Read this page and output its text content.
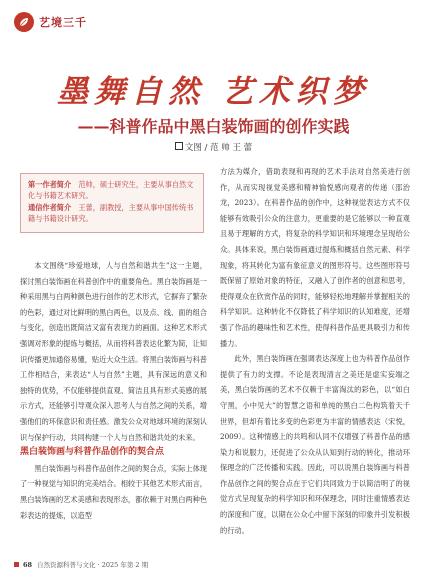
艺境三千

方法为媒介，借助表现和再现的艺术手法对自然美进行创作，从而实现视觉美感和精神愉悦感向观者的传递（邵治龙，2023）。在科普作品的创作中，这种视觉表达方式不仅能够有效吸引公众的注意力，更重要的是它能够以一种直观且易于理解的方式，将复杂的科学知识和环境理念呈现给公众。具体来说，黑白装饰画通过提炼和概括自然元素、科学现象，将其转化为富有象征意义的图形符号。这些图形符号既保留了原始对象的特征，又融入了创作者的创意和思考，使得观众在欣赏作品的同时，能够轻松地理解并掌握相关的科学知识。这种转化不仅降低了科学知识的认知难度，还增强了作品的趣味性和艺术性，使得科普作品更具吸引力和传播力。

此外，黑白装饰画在强调表达深度上也为科普作品创作提供了有力的支撑。不论是表现清言之美还是虚实妄端之美，黑白装饰画的艺术不仅赖于丰富淘汰的彩色，以“如白守黑，小中见大”的智慧之语和单纯的黑白二色构筑着天千世界，但却有着比多变的色彩更为丰富的情感表达（宋悦，2009）。这种情感上的共鸣和认同不仅增强了科普作品的感染力和说服力，还促进了公众从认知到行动的转化，推动环保理念的广泛传播和实践。因此，可以说黑白装饰画与科普作品创作之间的契合点在于它们共同致力于以简洁明了的视觉方式呈现复杂的科学知识和环保理念，同时注重情感表达的深度和广度，以期在公众心中留下深刻的印象并引发积极的行动。

墨舞自然 艺术织梦
——科普作品中黑白装饰画的创作实践
文图 / 范 帅 王 蕾

第一作者简介　 范帅，硕士研究生，主要从事自然文化与书籍艺术研究。

通信作者简介　 王蕾，副教授，主要从事中国传统书籍与书籍设计研究。

本文围绕“珍爱地球，人与自然和谐共生”这一主题，探讨黑白装饰画在科普创作中的重要角色。黑白装饰画是一种采用黑与白两种颜色进行创作的艺术形式，它摒弃了繁杂的色彩，通过对比鲜明的黑白两色，以及点、线、面的组合与变化，创造出既简洁又富有表现力的画面。这种艺术形式强调对形象的提炼与概括，从而将科普表达化繁为简，让知识传播更加通俗易懂，贴近大众生活。将黑白装饰画与科普工作相结合，来表达“人与自然”主题，具有深远的意义和独特的优势，不仅能够提供直观、简洁且具有形式美感的展示方式，还能够引导观众深入思考人与自然之间的关系，增强他们的环保意识和责任感。激发公众对地球环境的深刻认识与保护行动，共同构建一个人与自然和谐共处的未来。

黑白装饰画与科普作品创作的契合点

黑白装饰画与科普作品创作之间的契合点，实际上体现了一种视觉与知识的完美结合。相较于其他艺术形式而言，黑白装饰画的艺术美感和表现形态，都依赖于对黑白两种色彩表达的提炼，以造型

68 自然资源科普与文化 · 2025 年第 2 期
